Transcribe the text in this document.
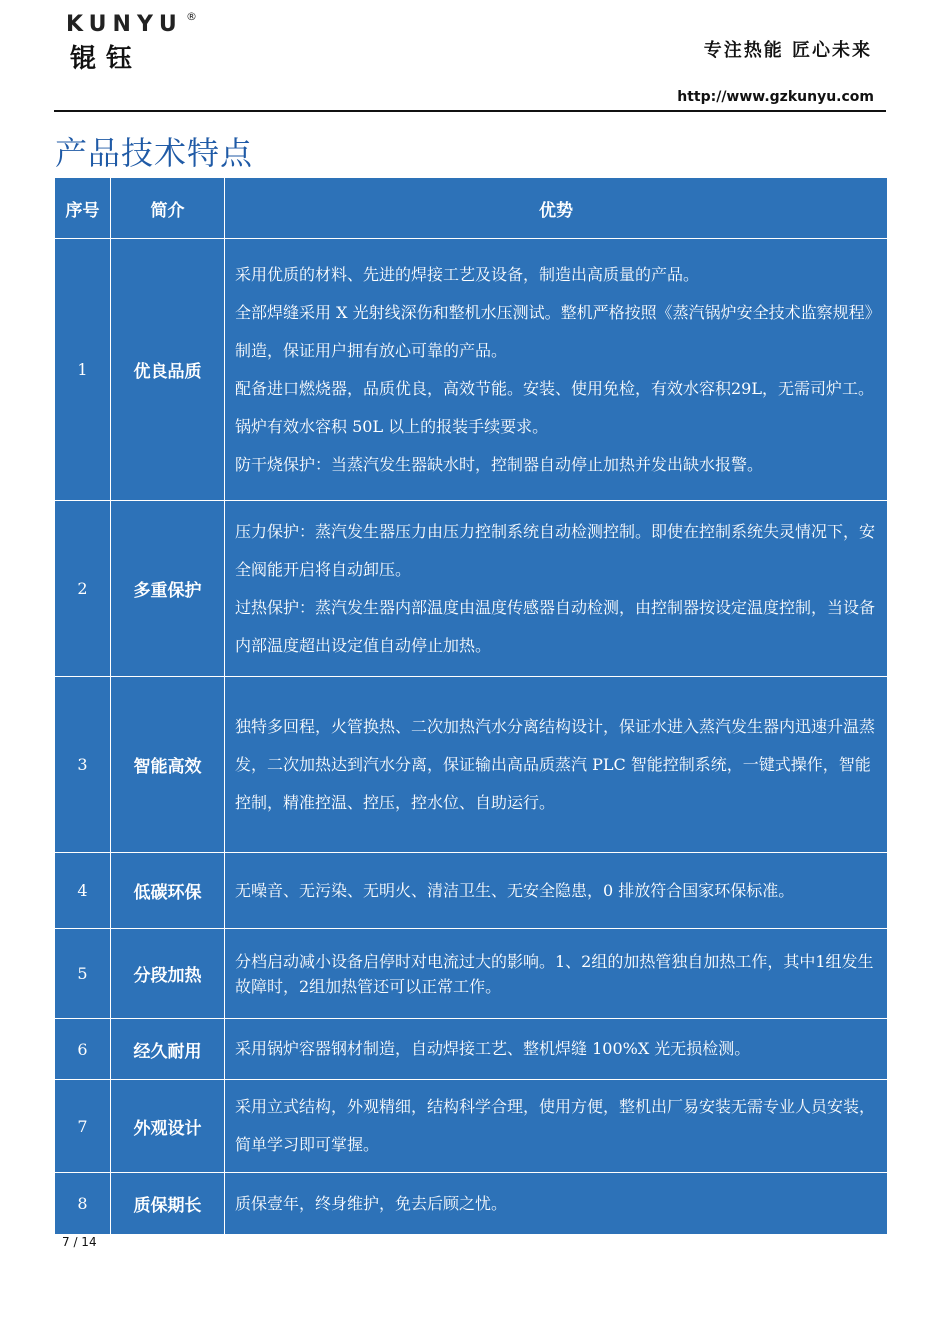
KUNYU ®
锟钰	专注热能 匠心未来
http://www.gzkunyu.com
产品技术特点
序号	简介	优势
1	优良品质	采用优质的材料、先进的焊接工艺及设备，制造出高质量的产品。

全部焊缝采用 X 光射线深伤和整机水压测试。整机严格按照《蒸汽锅炉安全技术监察规程》制造，保证用户拥有放心可靠的产品。

配备进口燃烧器，品质优良，高效节能。安装、使用免检，有效水容积29L，无需司炉工。锅炉有效水容积 50L 以上的报装手续要求。

防干烧保护：当蒸汽发生器缺水时，控制器自动停止加热并发出缺水报警。

2	多重保护	压力保护：蒸汽发生器压力由压力控制系统自动检测控制。即使在控制系统失灵情况下，安全阀能开启将自动卸压。

过热保护：蒸汽发生器内部温度由温度传感器自动检测，由控制器按设定温度控制，当设备内部温度超出设定值自动停止加热。

3	智能高效	独特多回程，火管换热、二次加热汽水分离结构设计，保证水进入蒸汽发生器内迅速升温蒸发，二次加热达到汽水分离，保证输出高品质蒸汽 PLC 智能控制系统，一键式操作，智能控制，精准控温、控压，控水位、自助运行。

4	低碳环保	无噪音、无污染、无明火、清洁卫生、无安全隐患，0 排放符合国家环保标准。

5	分段加热	分档启动减小设备启停时对电流过大的影响。1、2组的加热管独自加热工作，其中1组发生故障时，2组加热管还可以正常工作。

6	经久耐用	采用锅炉容器钢材制造，自动焊接工艺、整机焊缝 100%X 光无损检测。

7	外观设计	采用立式结构，外观精细，结构科学合理，使用方便，整机出厂易安装无需专业人员安装，简单学习即可掌握。

8	质保期长	质保壹年，终身维护，免去后顾之忧。

7 / 14
